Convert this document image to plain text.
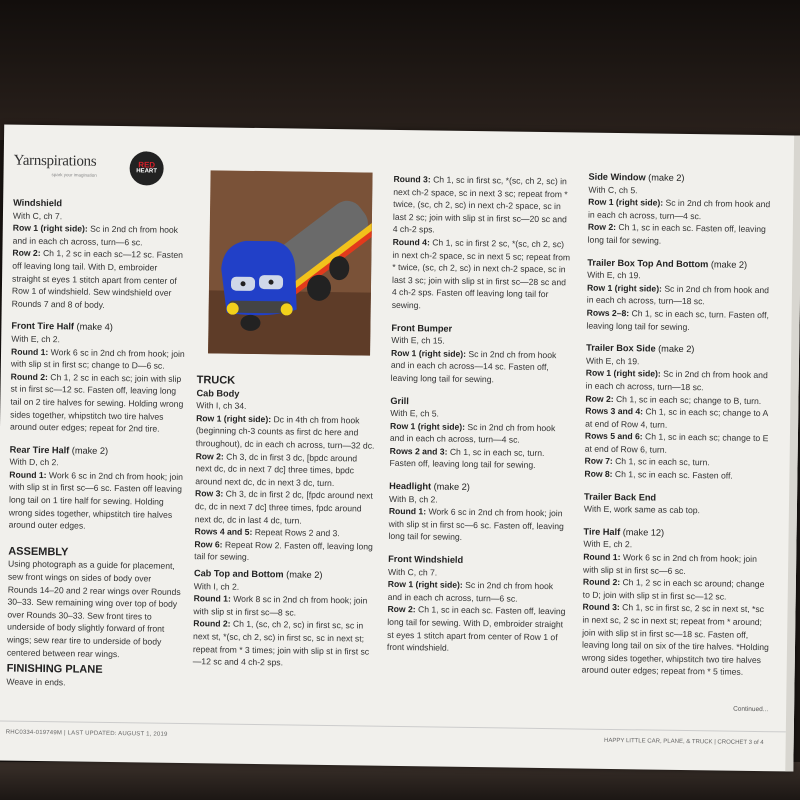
Yarnspirations
spark your imagination
RED
HEART
Windshield
With C, ch 7.
Row 1 (right side): Sc in 2nd ch from hook and in each ch across, turn—6 sc.
Row 2: Ch 1, 2 sc in each sc—12 sc. Fasten off leaving long tail. With D, embroider straight st eyes 1 stitch apart from center of Row 1 of windshield. Sew windshield over Rounds 7 and 8 of body.
Front Tire Half (make 4)
With E, ch 2.
Round 1: Work 6 sc in 2nd ch from hook; join with slip st in first sc; change to D—6 sc.
Round 2: Ch 1, 2 sc in each sc; join with slip st in first sc—12 sc. Fasten off, leaving long tail on 2 tire halves for sewing. Holding wrong sides together, whipstitch two tire halves around outer edges; repeat for 2nd tire.
Rear Tire Half (make 2)
With D, ch 2.
Round 1: Work 6 sc in 2nd ch from hook; join with slip st in first sc—6 sc. Fasten off leaving long tail on 1 tire half for sewing. Holding wrong sides together, whipstitch tire halves around outer edges.
ASSEMBLY
Using photograph as a guide for placement, sew front wings on sides of body over Rounds 14–20 and 2 rear wings over Rounds 30–33. Sew remaining wing over top of body over Rounds 30–33. Sew front tires to underside of body slightly forward of front wings; sew rear tire to underside of body centered between rear wings.
FINISHING PLANE
Weave in ends.
TRUCK
Cab Body
With I, ch 34.
Row 1 (right side): Dc in 4th ch from hook (beginning ch-3 counts as first dc here and throughout), dc in each ch across, turn—32 dc.
Row 2: Ch 3, dc in first 3 dc, [bpdc around next dc, dc in next 7 dc] three times, bpdc around next dc, dc in next 3 dc, turn.
Row 3: Ch 3, dc in first 2 dc, [fpdc around next dc, dc in next 7 dc] three times, fpdc around next dc, dc in last 4 dc, turn.
Rows 4 and 5: Repeat Rows 2 and 3.
Row 6: Repeat Row 2. Fasten off, leaving long tail for sewing.
Cab Top and Bottom (make 2)
With I, ch 2.
Round 1: Work 8 sc in 2nd ch from hook; join with slip st in first sc—8 sc.
Round 2: Ch 1, (sc, ch 2, sc) in first sc, sc in next st, *(sc, ch 2, sc) in first sc, sc in next st; repeat from * 3 times; join with slip st in first sc—12 sc and 4 ch-2 sps.
Round 3: Ch 1, sc in first sc, *(sc, ch 2, sc) in next ch-2 space, sc in next 3 sc; repeat from * twice, (sc, ch 2, sc) in next ch-2 space, sc in last 2 sc; join with slip st in first sc—20 sc and 4 ch-2 sps.
Round 4: Ch 1, sc in first 2 sc, *(sc, ch 2, sc) in next ch-2 space, sc in next 5 sc; repeat from * twice, (sc, ch 2, sc) in next ch-2 space, sc in last 3 sc; join with slip st in first sc—28 sc and 4 ch-2 sps. Fasten off leaving long tail for sewing.
Front Bumper
With E, ch 15.
Row 1 (right side): Sc in 2nd ch from hook and in each ch across—14 sc. Fasten off, leaving long tail for sewing.
Grill
With E, ch 5.
Row 1 (right side): Sc in 2nd ch from hook and in each ch across, turn—4 sc.
Rows 2 and 3: Ch 1, sc in each sc, turn. Fasten off, leaving long tail for sewing.
Headlight (make 2)
With B, ch 2.
Round 1: Work 6 sc in 2nd ch from hook; join with slip st in first sc—6 sc. Fasten off, leaving long tail for sewing.
Front Windshield
With C, ch 7.
Row 1 (right side): Sc in 2nd ch from hook and in each ch across, turn—6 sc.
Row 2: Ch 1, sc in each sc. Fasten off, leaving long tail for sewing. With D, embroider straight st eyes 1 stitch apart from center of Row 1 of front windshield.
Side Window (make 2)
With C, ch 5.
Row 1 (right side): Sc in 2nd ch from hook and in each ch across, turn—4 sc.
Row 2: Ch 1, sc in each sc. Fasten off, leaving long tail for sewing.
Trailer Box Top And Bottom (make 2)
With E, ch 19.
Row 1 (right side): Sc in 2nd ch from hook and in each ch across, turn—18 sc.
Rows 2–8: Ch 1, sc in each sc, turn. Fasten off, leaving long tail for sewing.
Trailer Box Side (make 2)
With E, ch 19.
Row 1 (right side): Sc in 2nd ch from hook and in each ch across, turn—18 sc.
Row 2: Ch 1, sc in each sc; change to B, turn.
Rows 3 and 4: Ch 1, sc in each sc; change to A at end of Row 4, turn.
Rows 5 and 6: Ch 1, sc in each sc; change to E at end of Row 6, turn.
Row 7: Ch 1, sc in each sc, turn.
Row 8: Ch 1, sc in each sc. Fasten off.
Trailer Back End
With E, work same as cab top.
Tire Half (make 12)
With E, ch 2.
Round 1: Work 6 sc in 2nd ch from hook; join with slip st in first sc—6 sc.
Round 2: Ch 1, 2 sc in each sc around; change to D; join with slip st in first sc—12 sc.
Round 3: Ch 1, sc in first sc, 2 sc in next st, *sc in next sc, 2 sc in next st; repeat from * around; join with slip st in first sc—18 sc. Fasten off, leaving long tail on six of the tire halves. *Holding wrong sides together, whipstitch two tire halves around outer edges; repeat from * 5 times.
Continued...
RHC0334-019749M | LAST UPDATED: AUGUST 1, 2019
HAPPY LITTLE CAR, PLANE, & TRUCK | CROCHET 3 of 4
